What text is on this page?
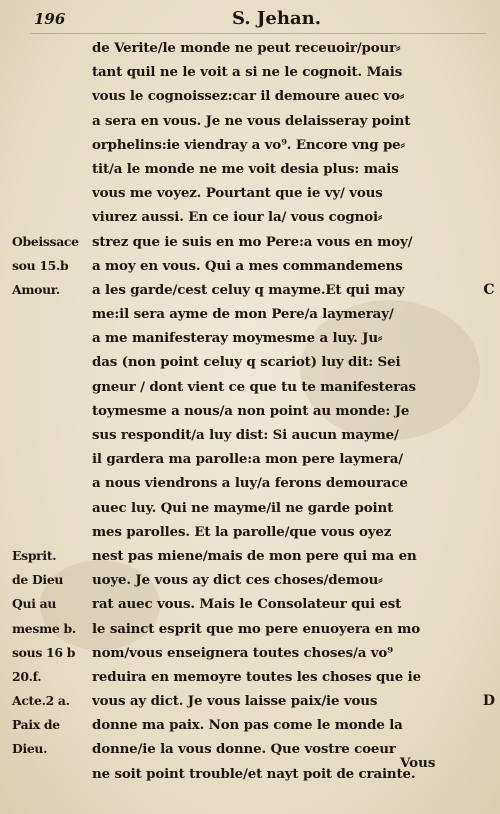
196	S. Jehan.
Obeissace
sou 15.b
Amour.
Esprit.
de Dieu
Qui au
mesme b.
sous 16 b
20.f.
Acte.2 a.
Paix de
Dieu.
de Verite/le monde ne peut receuoir/pour⸗
tant quil ne le voit a si ne le cognoit. Mais
vous le cognoissez:car il demoure auec vo⸗
a sera en vous. Je ne vous delaisseray point
orphelins:ie viendray a vo⁹. Encore vng pe⸗
tit/a le monde ne me voit desia plus: mais
vous me voyez. Pourtant que ie vy/ vous
viurez aussi. En ce iour la/ vous cognoi⸗
strez que ie suis en mo Pere:a vous en moy/
a moy en vous. Qui a mes commandemens
a les garde/cest celuy q mayme.Et qui may
me:il sera ayme de mon Pere/a laymeray/
a me manifesteray moymesme a luy. Ju⸗
das (non point celuy q scariot) luy dit: Sei
gneur / dont vient ce que tu te manifesteras
toymesme a nous/a non point au monde: Je
sus respondit/a luy dist: Si aucun mayme/
il gardera ma parolle:a mon pere laymera/
a nous viendrons a luy/a ferons demourace
auec luy. Qui ne mayme/il ne garde point
mes parolles. Et la parolle/que vous oyez
nest pas miene/mais de mon pere qui ma en
uoye. Je vous ay dict ces choses/demou⸗
rat auec vous. Mais le Consolateur qui est
le sainct esprit que mo pere enuoyera en mo
nom/vous enseignera toutes choses/a vo⁹
reduira en memoyre toutes les choses que ie
vous ay dict. Je vous laisse paix/ie vous
donne ma paix. Non pas come le monde la
donne/ie la vous donne. Que vostre coeur
ne soit point trouble/et nayt poit de crainte.
C
D
Vous
